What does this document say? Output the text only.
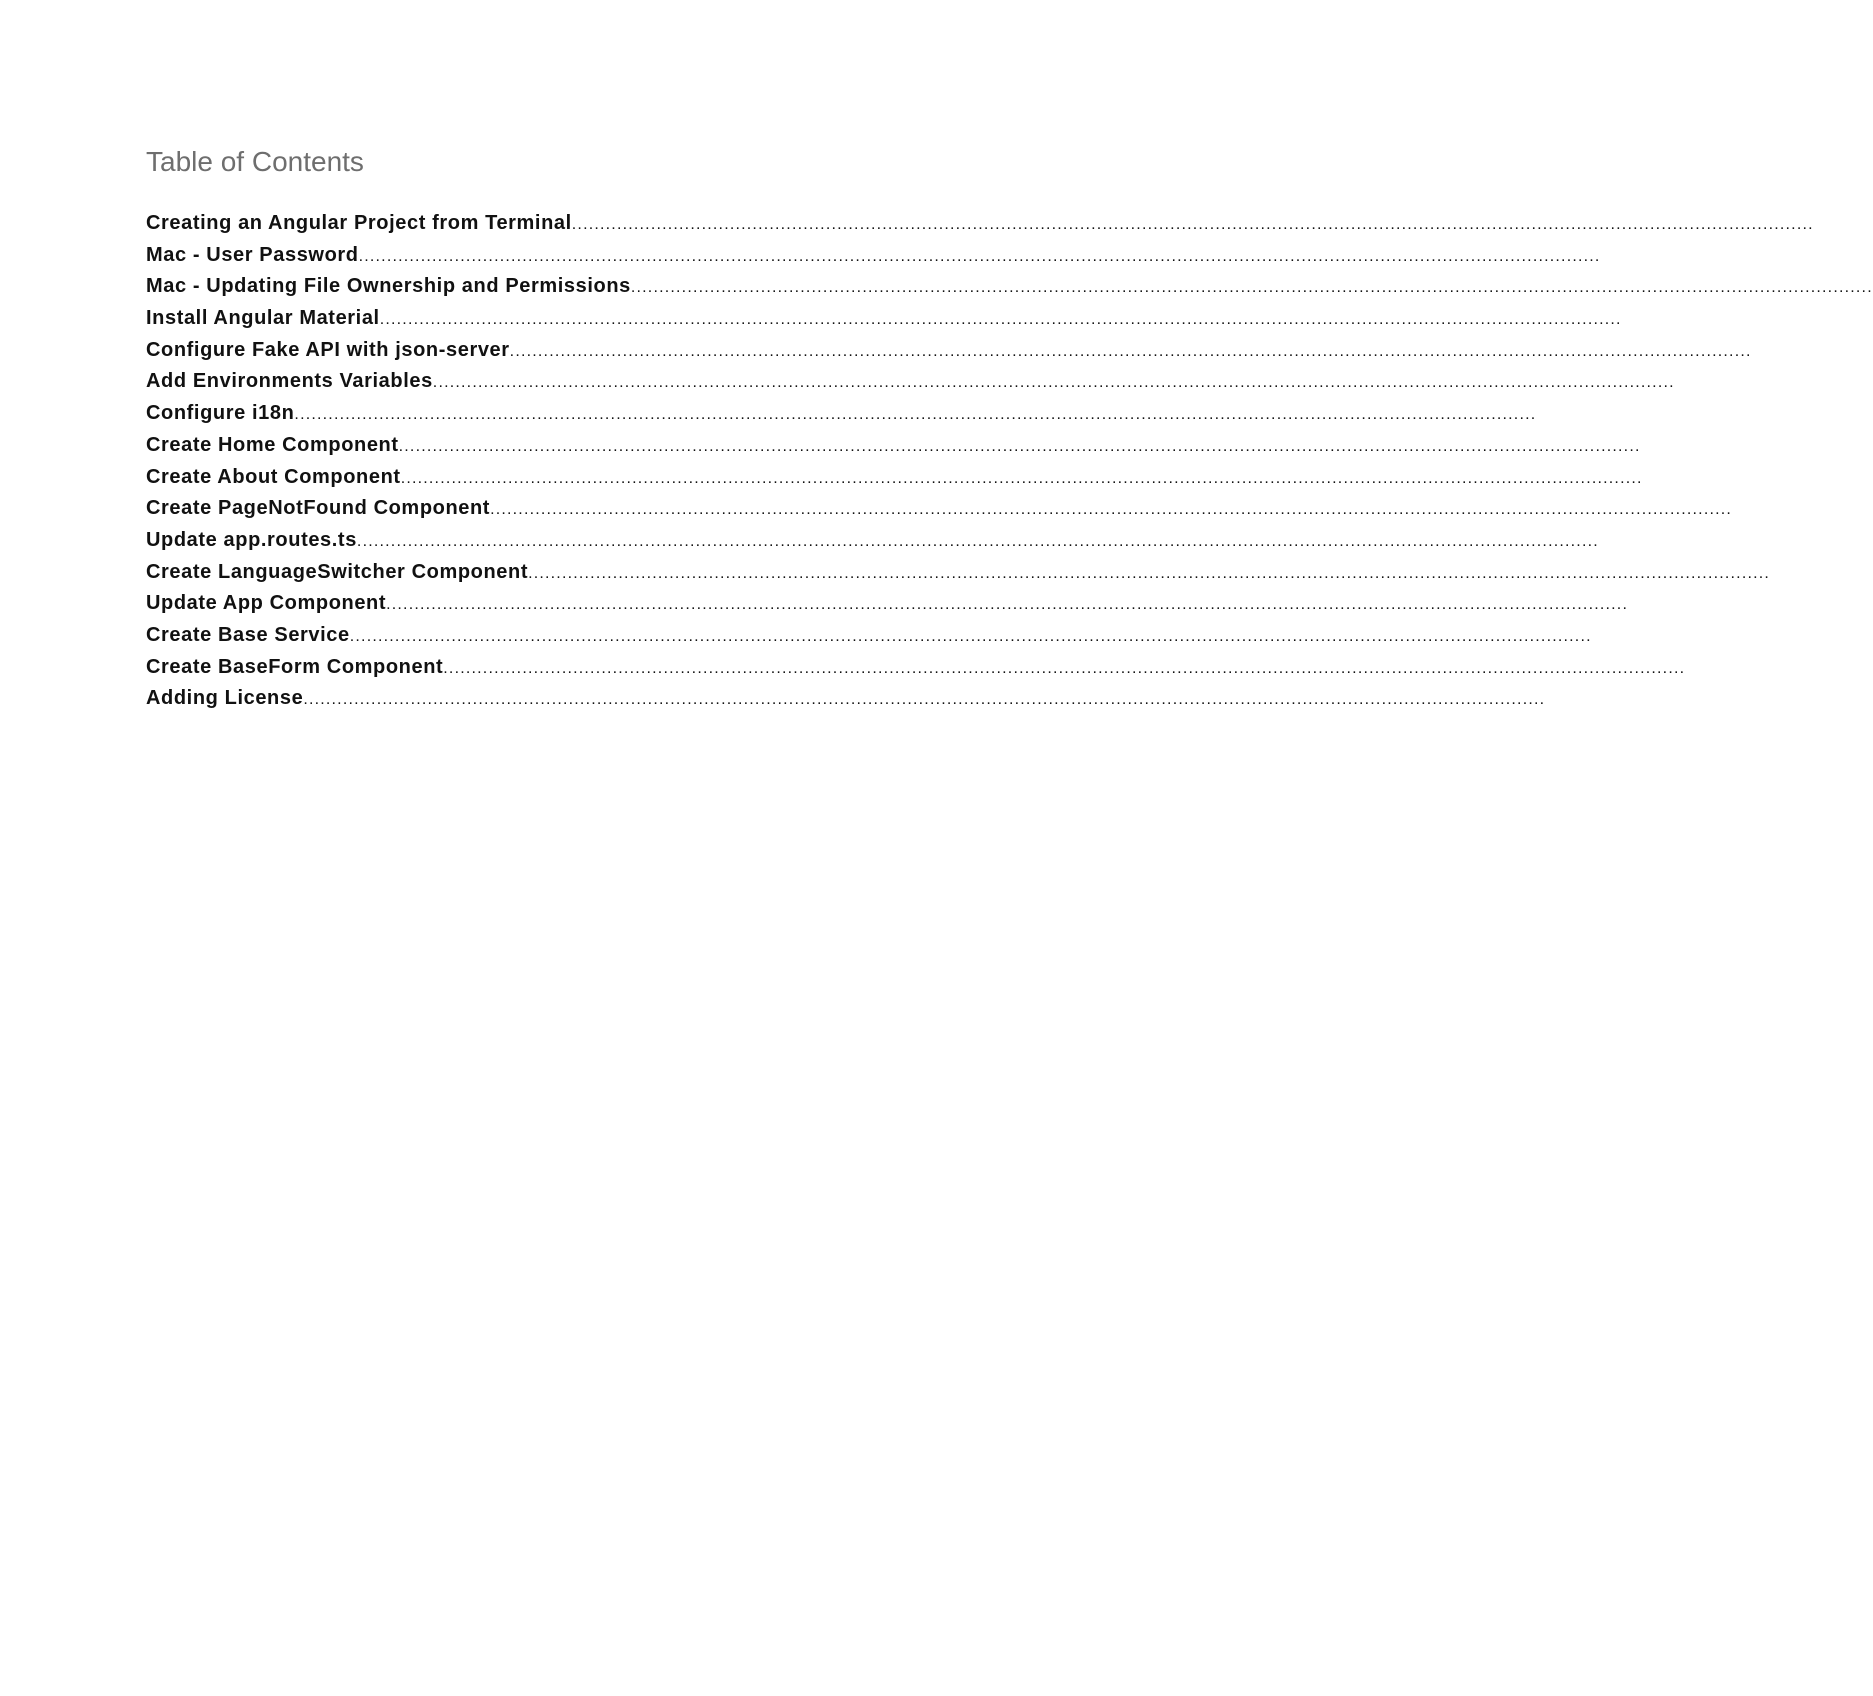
Table of Contents
Creating an Angular Project from Terminal ............................................................................................................................................................................................................................
Mac - User Password ............................................................................................................................................................................................................................
Mac - Updating File Ownership and Permissions ............................................................................................................................................................................................................................
Install Angular Material ............................................................................................................................................................................................................................
Configure Fake API with json-server ............................................................................................................................................................................................................................
Add Environments Variables ............................................................................................................................................................................................................................
Configure i18n ............................................................................................................................................................................................................................
Create Home Component ............................................................................................................................................................................................................................
Create About Component ............................................................................................................................................................................................................................
Create PageNotFound Component ............................................................................................................................................................................................................................
Update app.routes.ts ............................................................................................................................................................................................................................
Create LanguageSwitcher Component ............................................................................................................................................................................................................................
Update App Component ............................................................................................................................................................................................................................
Create Base Service ............................................................................................................................................................................................................................
Create BaseForm Component ............................................................................................................................................................................................................................
Adding License ............................................................................................................................................................................................................................
